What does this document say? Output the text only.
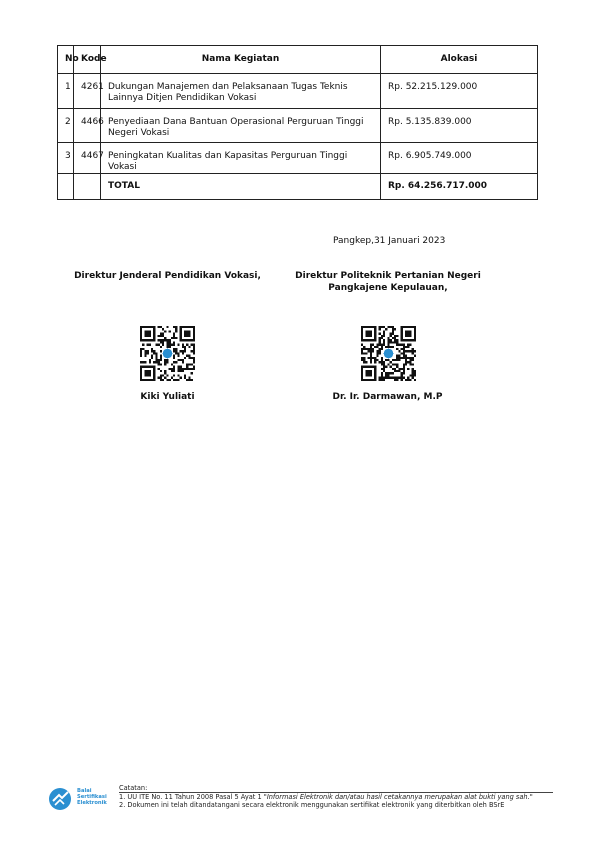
No	Kode	Nama Kegiatan	Alokasi
1	4261	Dukungan Manajemen dan Pelaksanaan Tugas Teknis Lainnya Ditjen Pendidikan Vokasi	Rp. 52.215.129.000
2	4466	Penyediaan Dana Bantuan Operasional Perguruan Tinggi Negeri Vokasi	Rp. 5.135.839.000
3	4467	Peningkatan Kualitas dan Kapasitas Perguruan Tinggi Vokasi	Rp. 6.905.749.000
		TOTAL	Rp. 64.256.717.000
Pangkep,31 Januari 2023
Direktur Jenderal Pendidikan Vokasi,	Direktur Politeknik Pertanian Negeri
Pangkajene Kepulauan,
Kiki Yuliati	Dr. Ir. Darmawan, M.P
Balai
Sertifikasi
Elektronik
Catatan:
1. UU ITE No. 11 Tahun 2008 Pasal 5 Ayat 1 "Informasi Elektronik dan/atau hasil cetakannya merupakan alat bukti yang sah."
2. Dokumen ini telah ditandatangani secara elektronik menggunakan sertifikat elektronik yang diterbitkan oleh BSrE
